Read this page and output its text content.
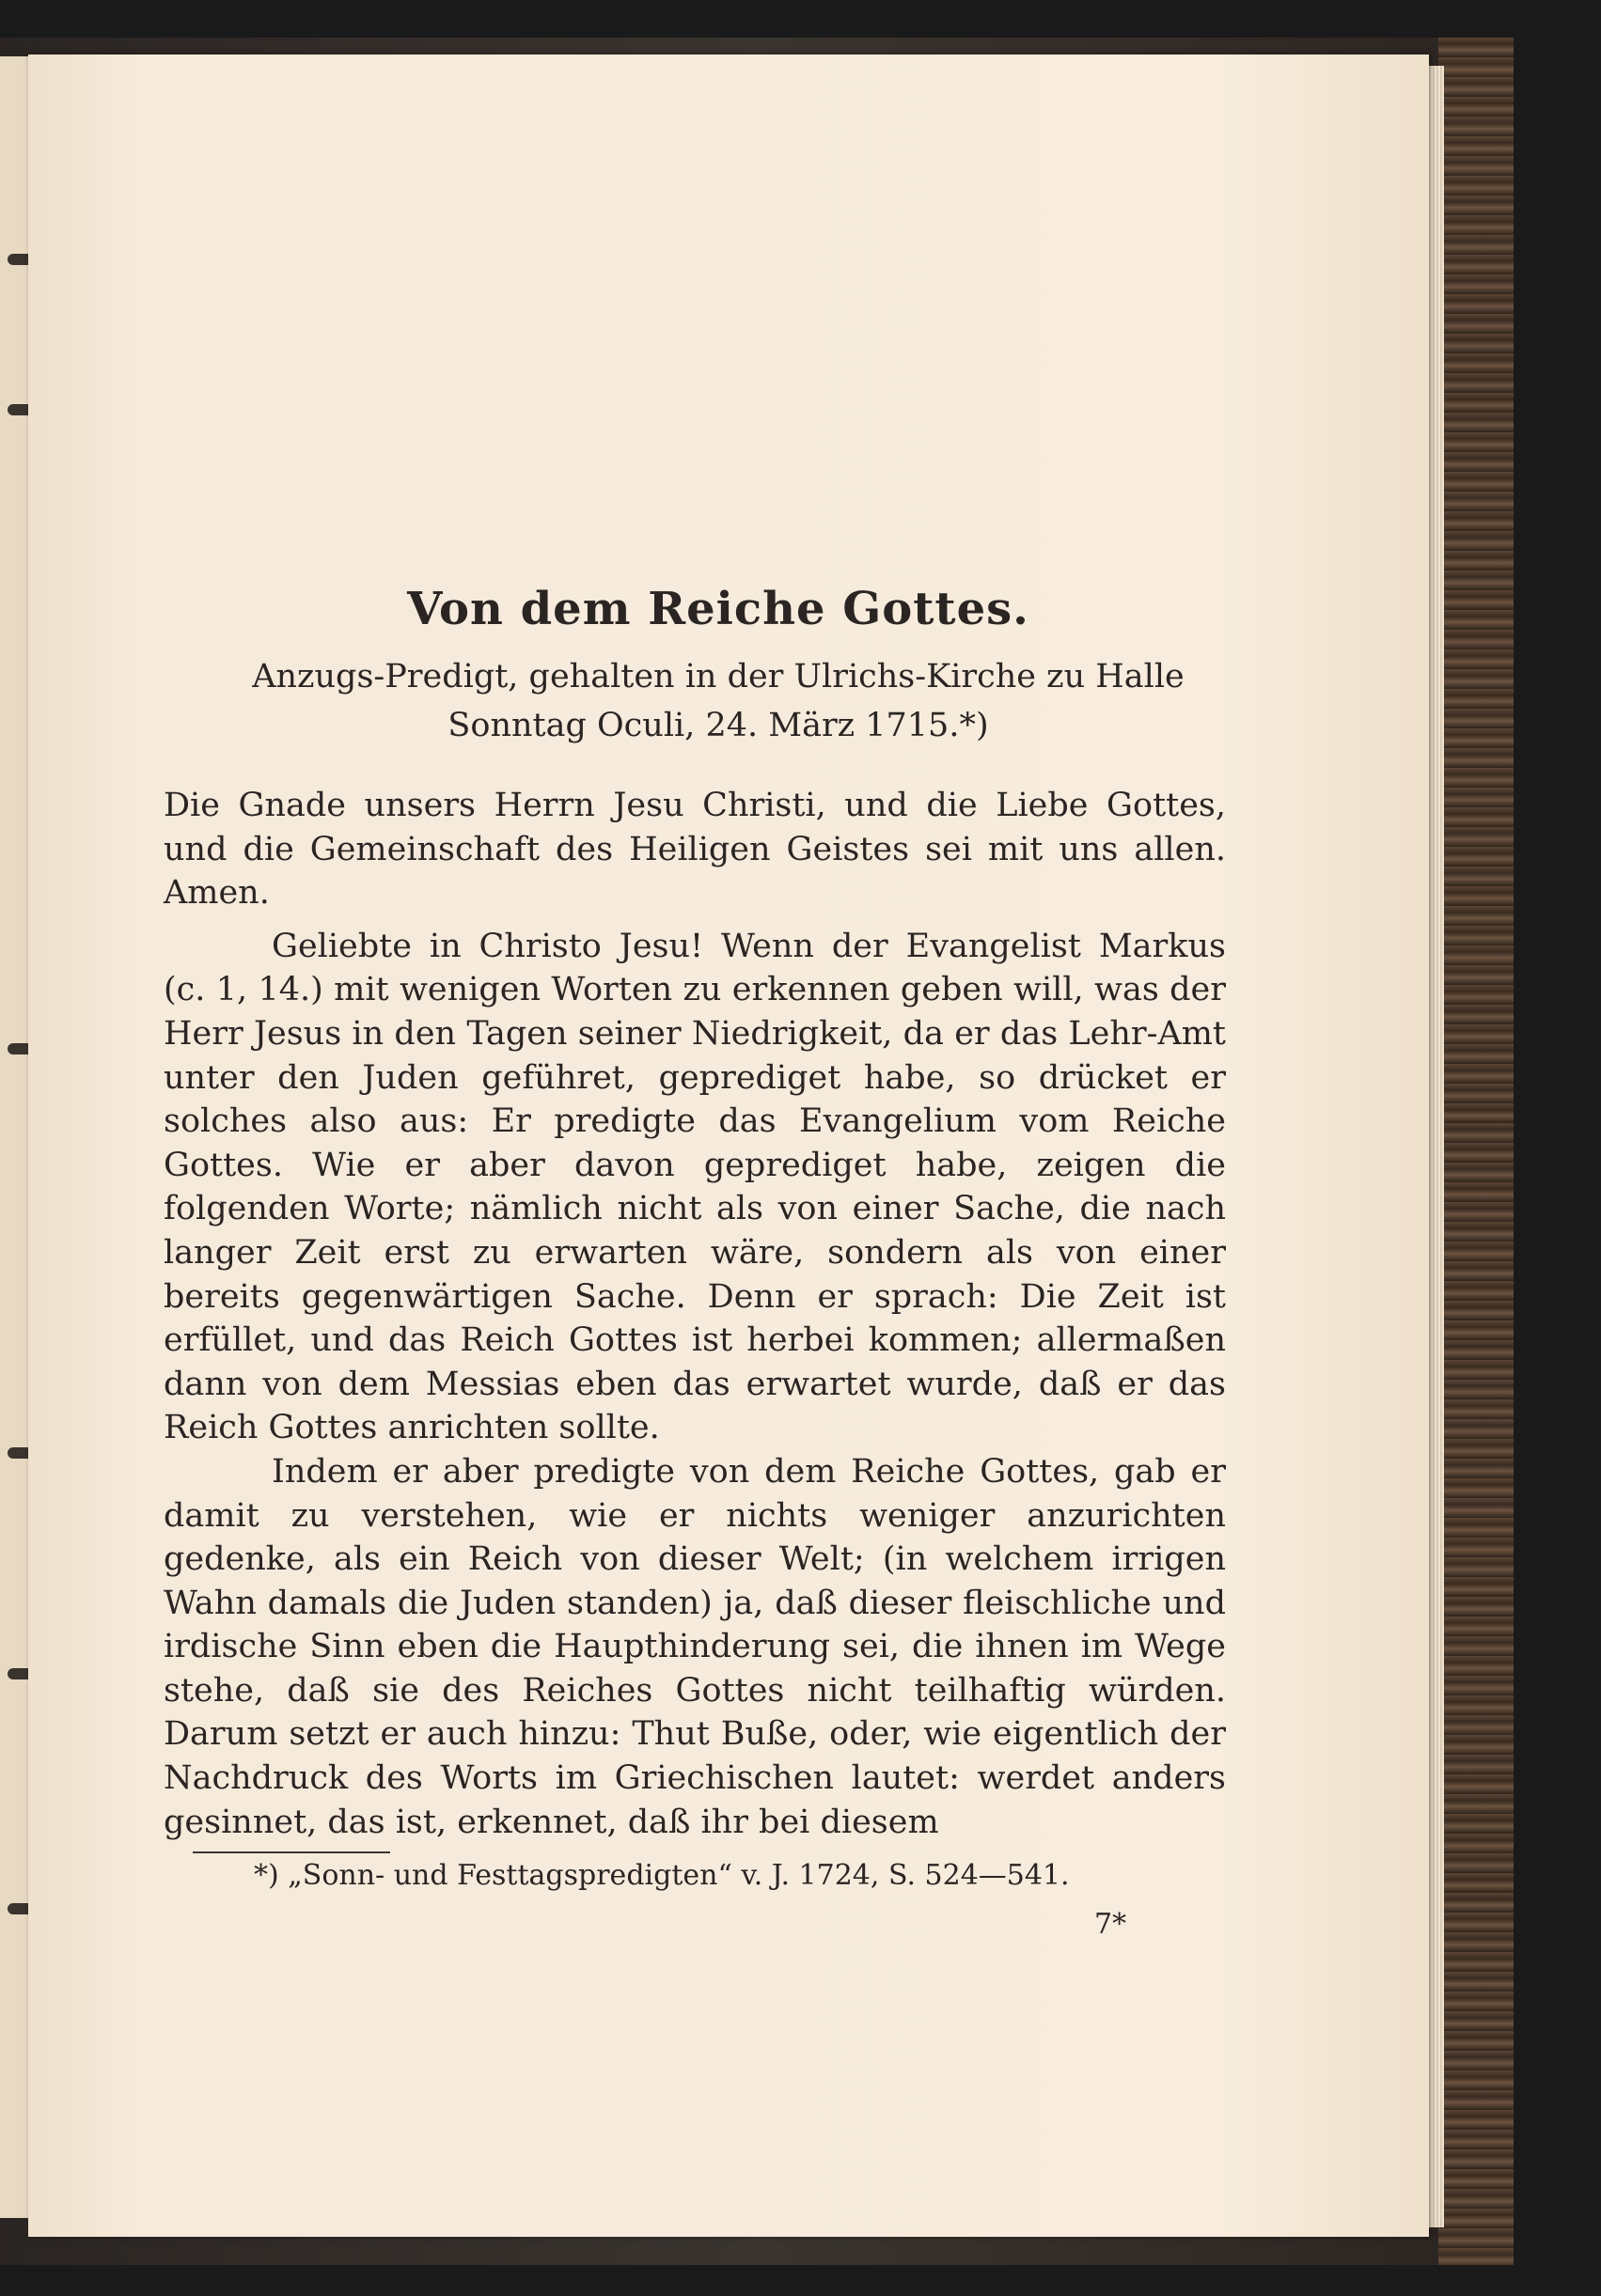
Von dem Reiche Gottes.
Anzugs-Predigt, gehalten in der Ulrichs-Kirche zu Halle
Sonntag Oculi, 24. März 1715.*)

Die Gnade unsers Herrn Jesu Christi, und die Liebe Gottes, und die Gemeinschaft des Heiligen Geistes sei mit uns allen. Amen.

Geliebte in Christo Jesu! Wenn der Evangelist Markus (c. 1, 14.) mit wenigen Worten zu erkennen geben will, was der Herr Jesus in den Tagen seiner Niedrigkeit, da er das Lehr-Amt unter den Juden geführet, geprediget habe, so drücket er solches also aus: Er predigte das Evangelium vom Reiche Gottes. Wie er aber davon geprediget habe, zeigen die folgenden Worte; nämlich nicht als von einer Sache, die nach langer Zeit erst zu erwarten wäre, sondern als von einer bereits gegenwärtigen Sache. Denn er sprach: Die Zeit ist erfüllet, und das Reich Gottes ist herbei kommen; allermaßen dann von dem Messias eben das erwartet wurde, daß er das Reich Gottes anrichten sollte.

Indem er aber predigte von dem Reiche Gottes, gab er damit zu verstehen, wie er nichts weniger anzurichten gedenke, als ein Reich von dieser Welt; (in welchem irrigen Wahn damals die Juden standen) ja, daß dieser fleischliche und irdische Sinn eben die Haupthinderung sei, die ihnen im Wege stehe, daß sie des Reiches Gottes nicht teilhaftig würden. Darum setzt er auch hinzu: Thut Buße, oder, wie eigentlich der Nachdruck des Worts im Griechischen lautet: werdet anders gesinnet, das ist, erkennet, daß ihr bei diesem

*) „Sonn- und Festtagspredigten“ v. J. 1724, S. 524—541.
7*
